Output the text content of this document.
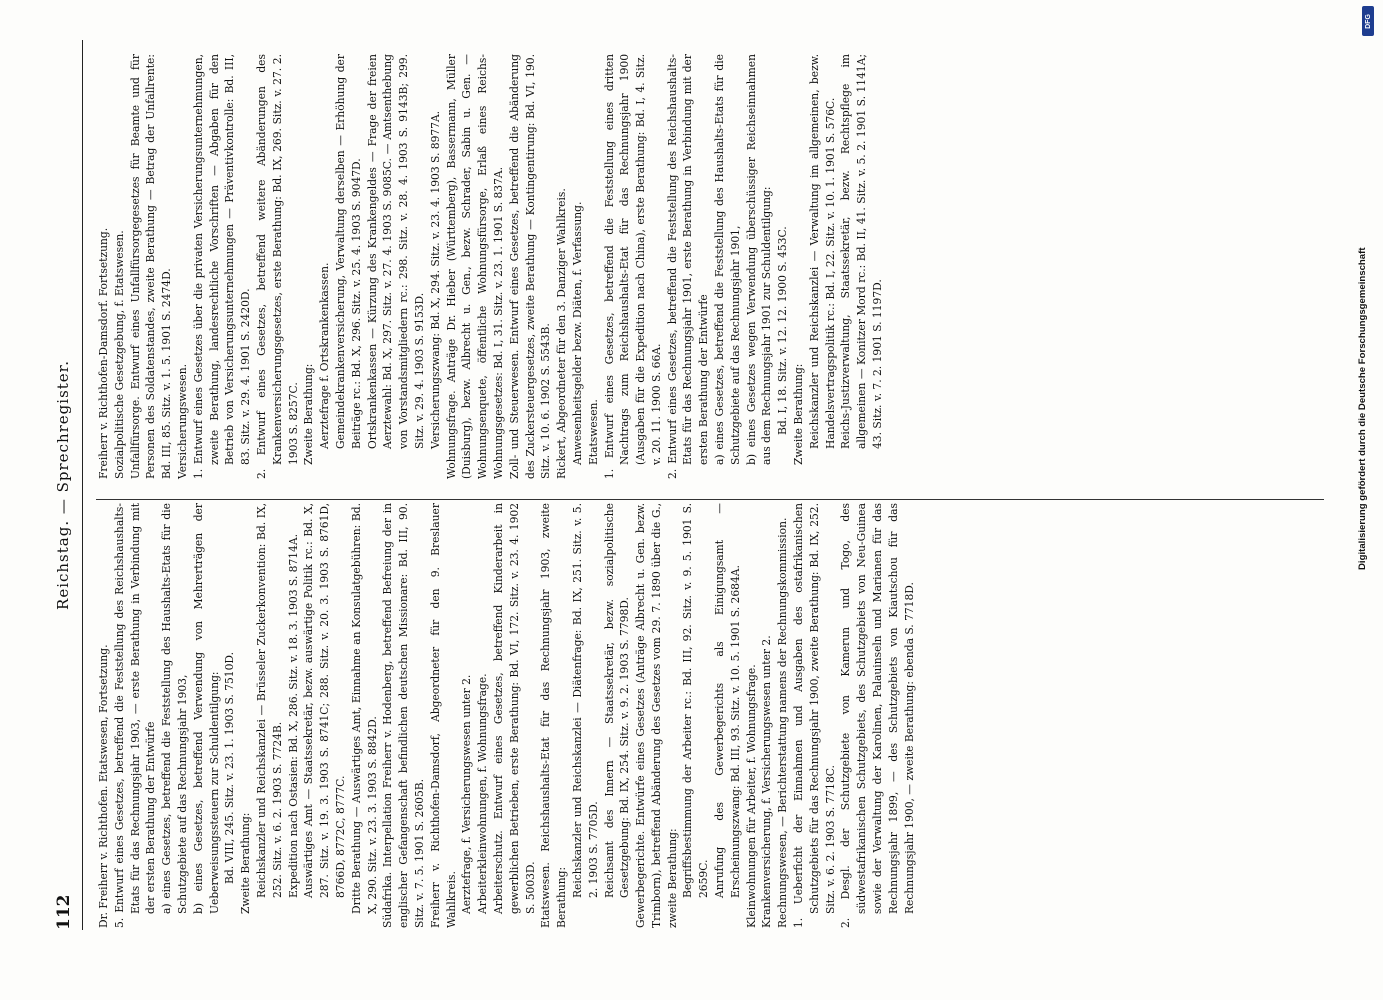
112
Reichstag. — Sprechregister.

Dr. Freiherr v. Richthofen. Etatswesen, Fortsetzung. 5. Entwurf eines Gesetzes, betreffend die Feststellung des Reichshaushalts-Etats für das Rechnungsjahr 1903, — erste Berathung in Verbindung mit der ersten Berathung der Entwürfe a) eines Gesetzes, betreffend die Feststellung des Haushalts-Etats für die Schutzgebiete auf das Rechnungsjahr 1903, b) eines Gesetzes, betreffend Verwendung von Mehrerträgen der Ueberweisungssteuern zur Schuldentilgung: Bd. VIII, 245. Sitz. v. 23. 1. 1903 S. 7510D. Zweite Berathung: Reichskanzler und Reichskanzlei — Brüsseler Zuckerkonvention: Bd. IX, 252. Sitz. v. 6. 2. 1903 S. 7724B. Expedition nach Ostasien: Bd. X, 286. Sitz. v. 18. 3. 1903 S. 8714A. Auswärtiges Amt — Staatssekretär, bezw. auswärtige Politik rc.: Bd. X, 287. Sitz. v. 19. 3. 1903 S. 8741C; 288. Sitz. v. 20. 3. 1903 S. 8761D, 8766D, 8772C, 8777C. Dritte Berathung — Auswärtiges Amt, Einnahme an Konsulatgebühren: Bd. X, 290. Sitz. v. 23. 3. 1903 S. 8842D. Südafrika. Interpellation Freiherr v. Hodenberg, betreffend Befreiung der in englischer Gefangenschaft befindlichen deutschen Missionare: Bd. III, 90. Sitz. v. 7. 5. 1901 S. 2605B. Freiherr v. Richthofen-Damsdorf, Abgeordneter für den 9. Breslauer Wahlkreis. Aerztefrage, f. Versicherungswesen unter 2. Arbeiterkleinwohnungen, f. Wohnungsfrage. Arbeiterschutz. Entwurf eines Gesetzes, betreffend Kinderarbeit in gewerblichen Betrieben, erste Berathung: Bd. VI, 172. Sitz. v. 23. 4. 1902 S. 5003D. Etatswesen. Reichshaushalts-Etat für das Rechnungsjahr 1903, zweite Berathung: Reichskanzler und Reichskanzlei — Diätenfrage: Bd. IX, 251. Sitz. v. 5. 2. 1903 S. 7705D. Reichsamt des Innern — Staatssekretär, bezw. sozialpolitische Gesetzgebung: Bd. IX, 254. Sitz. v. 9. 2. 1903 S. 7798D. Gewerbegerichte. Entwürfe eines Gesetzes (Anträge Albrecht u. Gen. bezw. Trimborn), betreffend Abänderung des Gesetzes vom 29. 7. 1890 über die G., zweite Berathung: Begriffsbestimmung der Arbeiter rc.: Bd. III, 92. Sitz. v. 9. 5. 1901 S. 2659C. Anrufung des Gewerbegerichts als Einigungsamt — Erscheinungszwang: Bd. III, 93. Sitz. v. 10. 5. 1901 S. 2684A. Kleinwohnungen für Arbeiter, f. Wohnungsfrage. Krankenversicherung, f. Versicherungswesen unter 2. Rechnungswesen, — Berichterstattung namens der Rechnungskommission. 1. Ueberficht der Einnahmen und Ausgaben des ostafrikanischen Schutzgebiets für das Rechnungsjahr 1900, zweite Berathung: Bd. IX, 252. Sitz. v. 6. 2. 1903 S. 7718C. 2. Desgl. der Schutzgebiete von Kamerun und Togo, des südwestafrikanischen Schutzgebiets, des Schutzgebiets von Neu-Guinea sowie der Verwaltung der Karolinen, Palauinseln und Marianen für das Rechnungsjahr 1899, — des Schutzgebiets von Kiautschou für das Rechnungsjahr 1900, — zweite Berathung: ebenda S. 7718D.

Freiherr v. Richthofen-Damsdorf. Fortsetzung. Sozialpolitische Gesetzgebung, f. Etatswesen. Unfallfürsorge. Entwurf eines Unfallfürsorgegesetzes für Beamte und für Personen des Soldatenstandes, zweite Berathung — Betrag der Unfallrente: Bd. III, 85. Sitz. v. 1. 5. 1901 S. 2474D. Versicherungswesen. 1. Entwurf eines Gesetzes über die privaten Versicherungsunternehmungen, zweite Berathung, landesrechtliche Vorschriften — Abgaben für den Betrieb von Versicherungsunternehmungen — Präventivkontrolle: Bd. III, 83. Sitz. v. 29. 4. 1901 S. 2420D. 2. Entwurf eines Gesetzes, betreffend weitere Abänderungen des Krankenversicherungsgesetzes, erste Berathung: Bd. IX, 269. Sitz. v. 27. 2. 1903 S. 8257C. Zweite Berathung: Aerztefrage f. Ortskrankenkassen. Gemeindekrankenversicherung, Verwaltung derselben — Erhöhung der Beiträge rc.: Bd. X, 296. Sitz. v. 25. 4. 1903 S. 9047D. Ortskrankenkassen — Kürzung des Krankengeldes — Frage der freien Aerztewahl: Bd. X, 297. Sitz. v. 27. 4. 1903 S. 9085C. — Amtsenthebung von Vorstandsmitgliedern rc.: 298. Sitz. v. 28. 4. 1903 S. 9143B; 299. Sitz. v. 29. 4. 1903 S. 9153D. Versicherungszwang: Bd. X, 294. Sitz. v. 23. 4. 1903 S. 8977A. Wohnungsfrage. Anträge Dr. Hieber (Württemberg), Bassermann, Müller (Duisburg), bezw. Albrecht u. Gen., bezw. Schrader, Sabin u. Gen. — Wohnungsenquete, öffentliche Wohnungsfürsorge, Erlaß eines Reichs-Wohnungsgesetzes: Bd. I, 31. Sitz. v. 23. 1. 1901 S. 837A. Zoll- und Steuerwesen. Entwurf eines Gesetzes, betreffend die Abänderung des Zuckersteuergesetzes, zweite Berathung — Kontingentirung: Bd. VI, 190. Sitz. v. 10. 6. 1902 S. 5543B. Rickert, Abgeordneter für den 3. Danziger Wahlkreis. Anwesenheitsgelder bezw. Diäten, f. Verfassung. Etatswesen. 1. Entwurf eines Gesetzes, betreffend die Feststellung eines dritten Nachtrags zum Reichshaushalts-Etat für das Rechnungsjahr 1900 (Ausgaben für die Expedition nach China), erste Berathung: Bd. I, 4. Sitz. v. 20. 11. 1900 S. 66A. 2. Entwurf eines Gesetzes, betreffend die Feststellung des Reichshaushalts-Etats für das Rechnungsjahr 1901, erste Berathung in Verbindung mit der ersten Berathung der Entwürfe a) eines Gesetzes, betreffend die Feststellung des Haushalts-Etats für die Schutzgebiete auf das Rechnungsjahr 1901, b) eines Gesetzes wegen Verwendung überschüssiger Reichseinnahmen aus dem Rechnungsjahr 1901 zur Schuldentilgung: Bd. I, 18. Sitz. v. 12. 12. 1900 S. 453C. Zweite Berathung: Reichskanzler und Reichskanzlei — Verwaltung im allgemeinen, bezw. Handelsvertragspolitik rc.: Bd. I, 22. Sitz. v. 10. 1. 1901 S. 576C. Reichs-Justizverwaltung, Staatssekretär, bezw. Rechtspflege im allgemeinen — Konitzer Mord rc.: Bd. II, 41. Sitz. v. 5. 2. 1901 S. 1141A; 43. Sitz. v. 7. 2. 1901 S. 1197D.	Digitalisierung gefördert durch die Deutsche Forschungsgemeinschaft
DFG
